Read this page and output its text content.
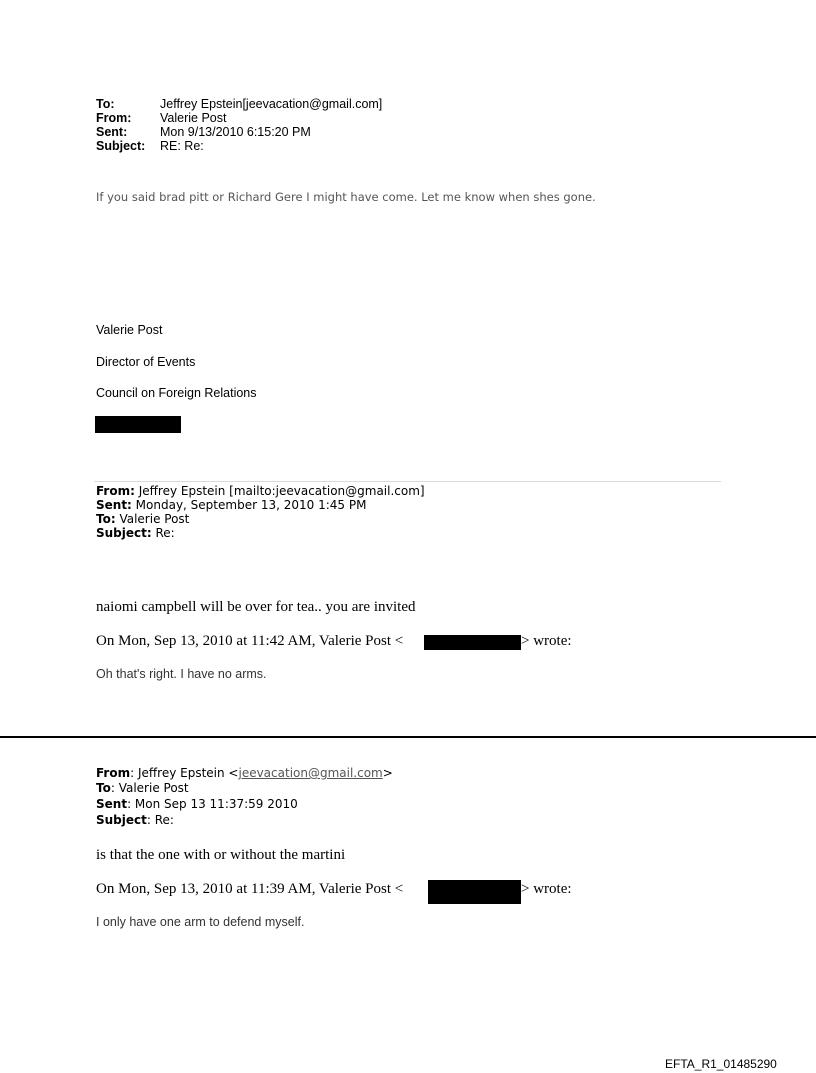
To:	Jeffrey Epstein[jeevacation@gmail.com]
From: Valerie Post
Sent:	Mon 9/13/2010 6:15:20 PM
Subject: RE: Re:
If you said brad pitt or Richard Gere I might have come. Let me know when shes gone.
Valerie Post
Director of Events
Council on Foreign Relations
From: Jeffrey Epstein [mailto:jeevacation@gmail.com]
Sent: Monday, September 13, 2010 1:45 PM
To: Valerie Post
Subject: Re:
naiomi campbell will be over for tea.. you are invited
On Mon, Sep 13, 2010 at 11:42 AM, Valerie Post <	> wrote:
Oh that's right. I have no arms.
From: Jeffrey Epstein <jeevacation@gmail.com>
To: Valerie Post
Sent: Mon Sep 13 11:37:59 2010
Subject: Re:
is that the one with or without the martini
On Mon, Sep 13, 2010 at 11:39 AM, Valerie Post <	> wrote:
I only have one arm to defend myself.
EFTA_R1_01485290
